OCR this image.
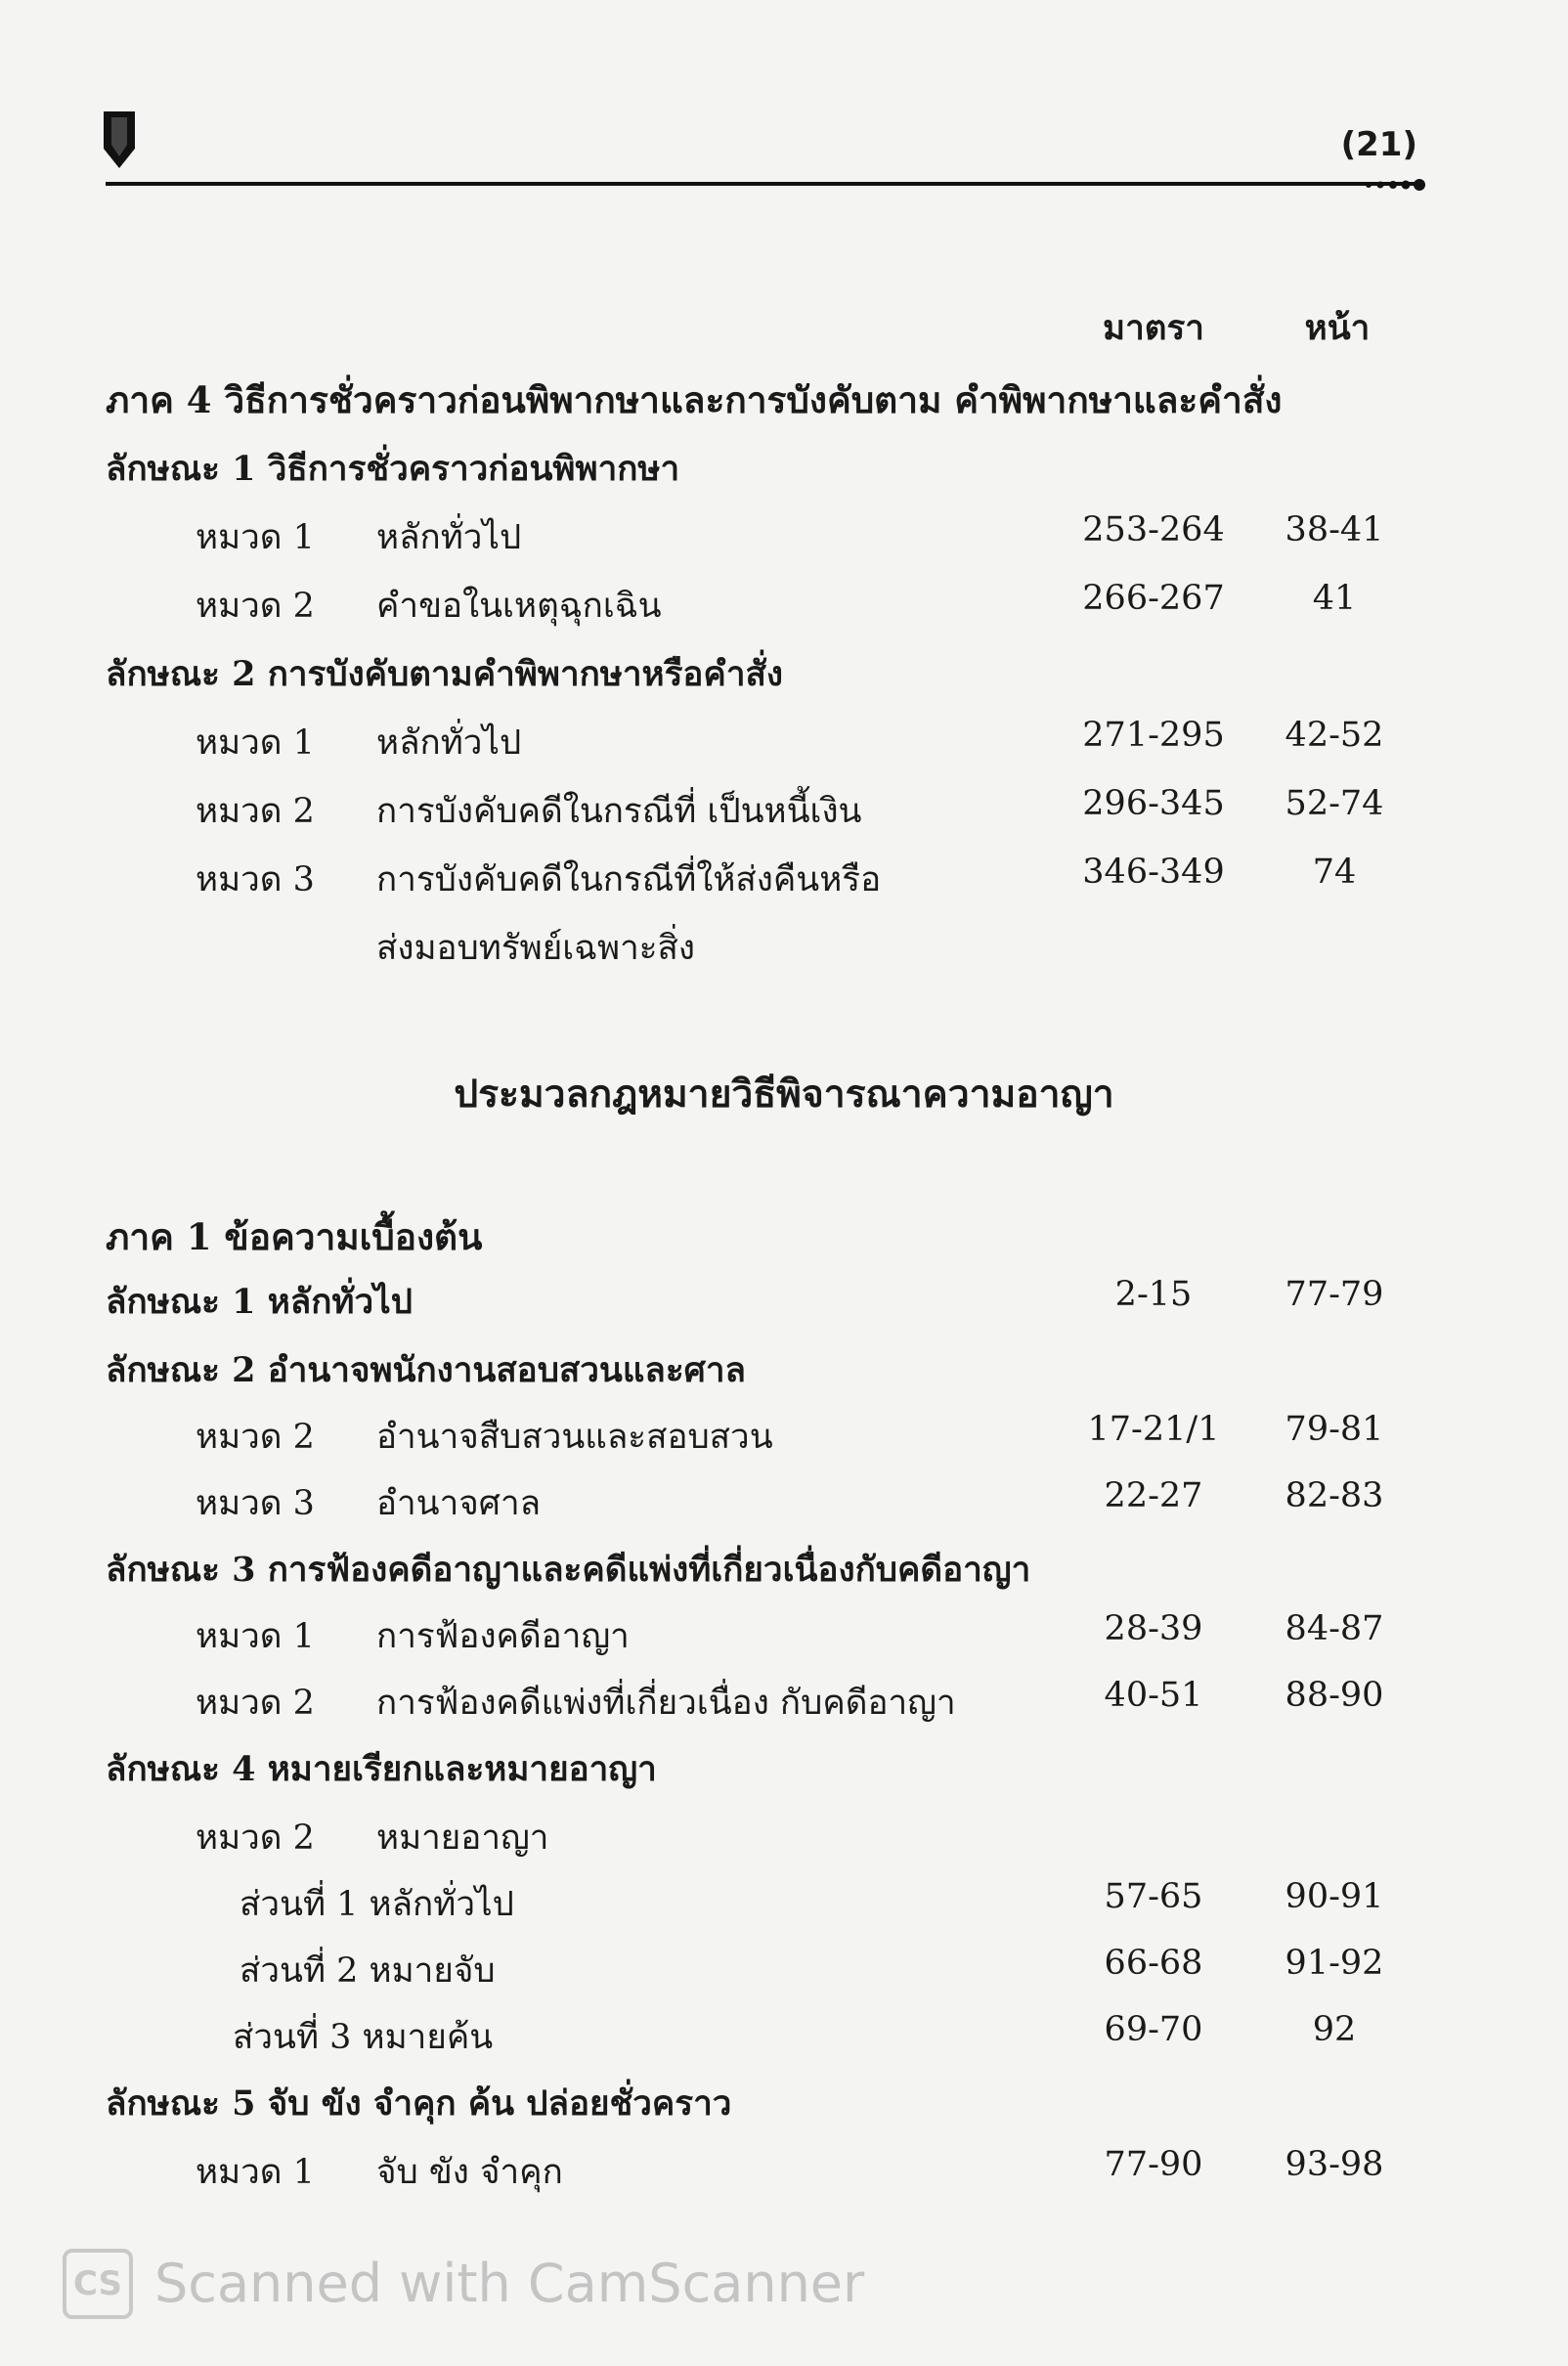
(21)
มาตรา	หน้า
ภาค 4 วิธีการชั่วคราวก่อนพิพากษาและการบังคับตาม คำพิพากษาและคำสั่ง
ลักษณะ 1 วิธีการชั่วคราวก่อนพิพากษา
หมวด 1 หลักทั่วไป	253-264	38-41
หมวด 2 คำขอในเหตุฉุกเฉิน	266-267	41
ลักษณะ 2 การบังคับตามคำพิพากษาหรือคำสั่ง
หมวด 1 หลักทั่วไป	271-295	42-52
หมวด 2 การบังคับคดีในกรณีที่ เป็นหนี้เงิน	296-345	52-74
หมวด 3 การบังคับคดีในกรณีที่ให้ส่งคืนหรือ	346-349	74
ส่งมอบทรัพย์เฉพาะสิ่ง
ประมวลกฎหมายวิธีพิจารณาความอาญา
ภาค 1 ข้อความเบื้องต้น
ลักษณะ 1 หลักทั่วไป	2-15	77-79
ลักษณะ 2 อำนาจพนักงานสอบสวนและศาล
หมวด 2 อำนาจสืบสวนและสอบสวน	17-21/1	79-81
หมวด 3 อำนาจศาล	22-27	82-83
ลักษณะ 3 การฟ้องคดีอาญาและคดีแพ่งที่เกี่ยวเนื่องกับคดีอาญา
หมวด 1 การฟ้องคดีอาญา	28-39	84-87
หมวด 2 การฟ้องคดีแพ่งที่เกี่ยวเนื่อง กับคดีอาญา	40-51	88-90
ลักษณะ 4 หมายเรียกและหมายอาญา
หมวด 2 หมายอาญา
ส่วนที่ 1 หลักทั่วไป	57-65	90-91
ส่วนที่ 2 หมายจับ	66-68	91-92
ส่วนที่ 3 หมายค้น	69-70	92
ลักษณะ 5 จับ ขัง จำคุก ค้น ปล่อยชั่วคราว
หมวด 1 จับ ขัง จำคุก	77-90	93-98
CS Scanned with CamScanner
